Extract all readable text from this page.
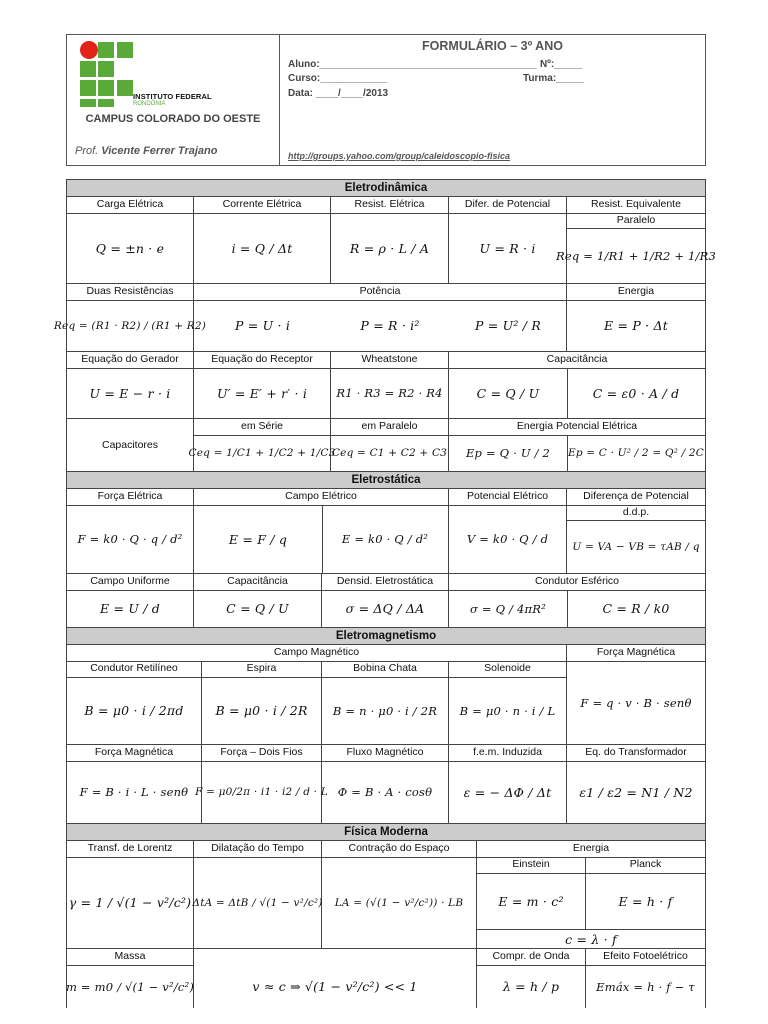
INSTITUTO FEDERAL
RONDÔNIA
CAMPUS COLORADO DO OESTE
Prof. Vicente Ferrer Trajano
FORMULÁRIO – 3º ANO
Aluno:_______________________________________ Nº:_____
Curso:____________	Turma:_____
Data: ____/____/2013
http://groups.yahoo.com/group/caleidoscopio-fisica
Eletrodinâmica
Carga Elétrica
Q = ±n · e
Corrente Elétrica
i = Q / Δt
Resist. Elétrica
R = ρ · L / A
Difer. de Potencial
U = R · i
Resist. Equivalente
Paralelo
Req = 1/R1 + 1/R2 + 1/R3
Duas Resistências
Req = (R1 · R2) / (R1 + R2)
Potência
P = U · i	P = R · i²	P = U² / R
Energia
E = P · Δt
Equação do Gerador
U = E − r · i
Equação do Receptor
U′ = E′ + r′ · i
Wheatstone
R1 · R3 = R2 · R4
Capacitância
C = Q / U	C = ε0 · A / d
Capacitores
em Série
Ceq = 1/C1 + 1/C2 + 1/C3
em Paralelo
Ceq = C1 + C2 + C3
Energia Potencial Elétrica
Ep = Q · U / 2 Ep = C · U² / 2 = Q² / 2C
Eletrostática
Força Elétrica
F = k0 · Q · q / d²
Campo Elétrico
E = F / q	E = k0 · Q / d²
Potencial Elétrico
V = k0 · Q / d
Diferença de Potencial
d.d.p.
U = VA − VB = τAB / q
Campo Uniforme
E = U / d
Capacitância
C = Q / U
Densid. Eletrostática
σ = ΔQ / ΔA
Condutor Esférico
σ = Q / 4πR²	C = R / k0
Eletromagnetismo
Campo Magnético
Condutor Retilíneo
B = μ0 · i / 2πd
Espira
B = μ0 · i / 2R
Bobina Chata
B = n · μ0 · i / 2R
Solenoide
B = μ0 · n · i / L
Força Magnética
F = q · v · B · senθ
Força Magnética
F = B · i · L · senθ
Força – Dois Fios
F = μ0/2π · i1 · i2 / d · L
Fluxo Magnético
Φ = B · A · cosθ
f.e.m. Induzida
ε = − ΔΦ / Δt
Eq. do Transformador
ε1 / ε2 = N1 / N2
Física Moderna
Transf. de Lorentz
γ = 1 / √(1 − v²/c²)
Dilatação do Tempo
ΔtA = ΔtB / √(1 − v²/c²)
Contração do Espaço
LA = (√(1 − v²/c²)) · LB
Energia
Einstein
E = m · c²
Planck
E = h · f
c = λ · f
Massa
m = m0 / √(1 − v²/c²)	v ≈ c ⇒ √(1 − v²/c²) << 1
Compr. de Onda
λ = h / p
Efeito Fotoelétrico
Emáx = h · f − τ
